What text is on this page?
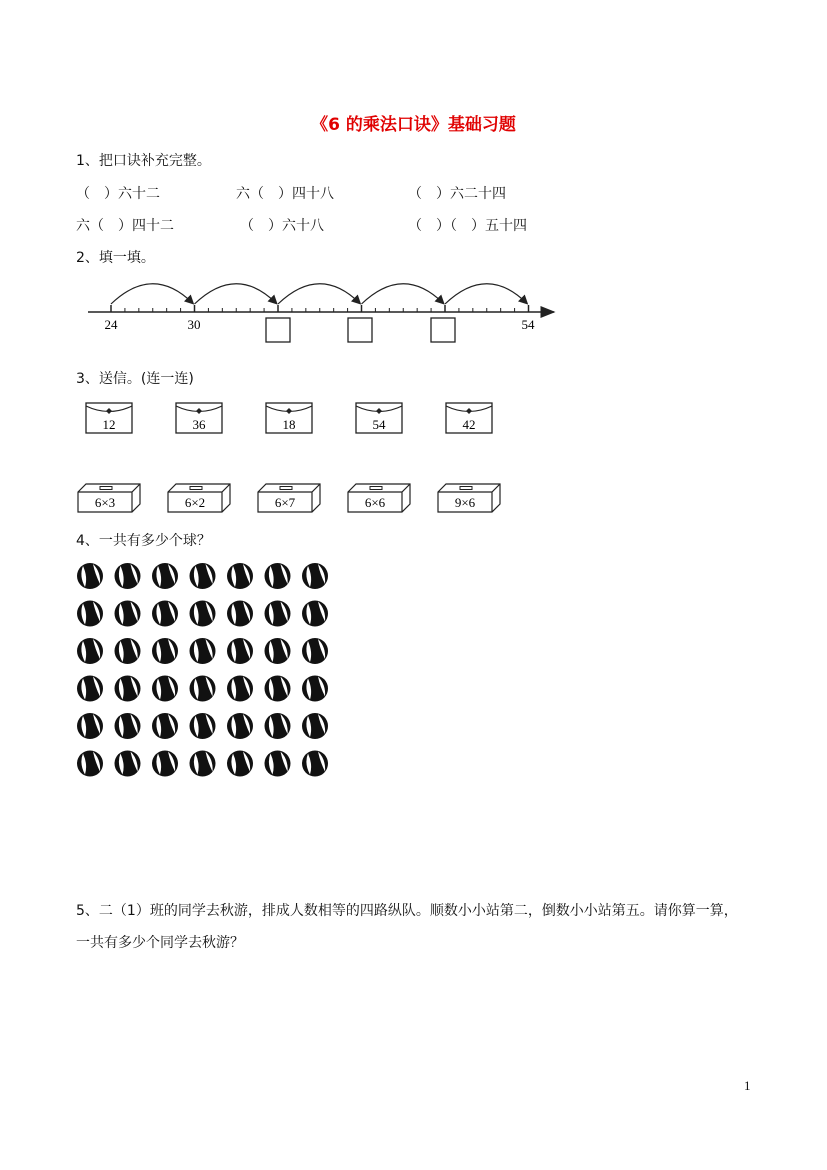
《6 的乘法口诀》基础习题
1、把口诀补充完整。
（　）六十二	六（　）四十八	（　）六二十四
六（　）四十二	（　）六十八	（　）（　）五十四
2、填一填。
24	30	54
3、送信。(连一连)
12	36	18	54	42
6×3	6×2	6×7	6×6	9×6
4、一共有多少个球？
5、二（1）班的同学去秋游，排成人数相等的四路纵队。顺数小小站第二，倒数小小站第五。请你算一算，
一共有多少个同学去秋游？
1
